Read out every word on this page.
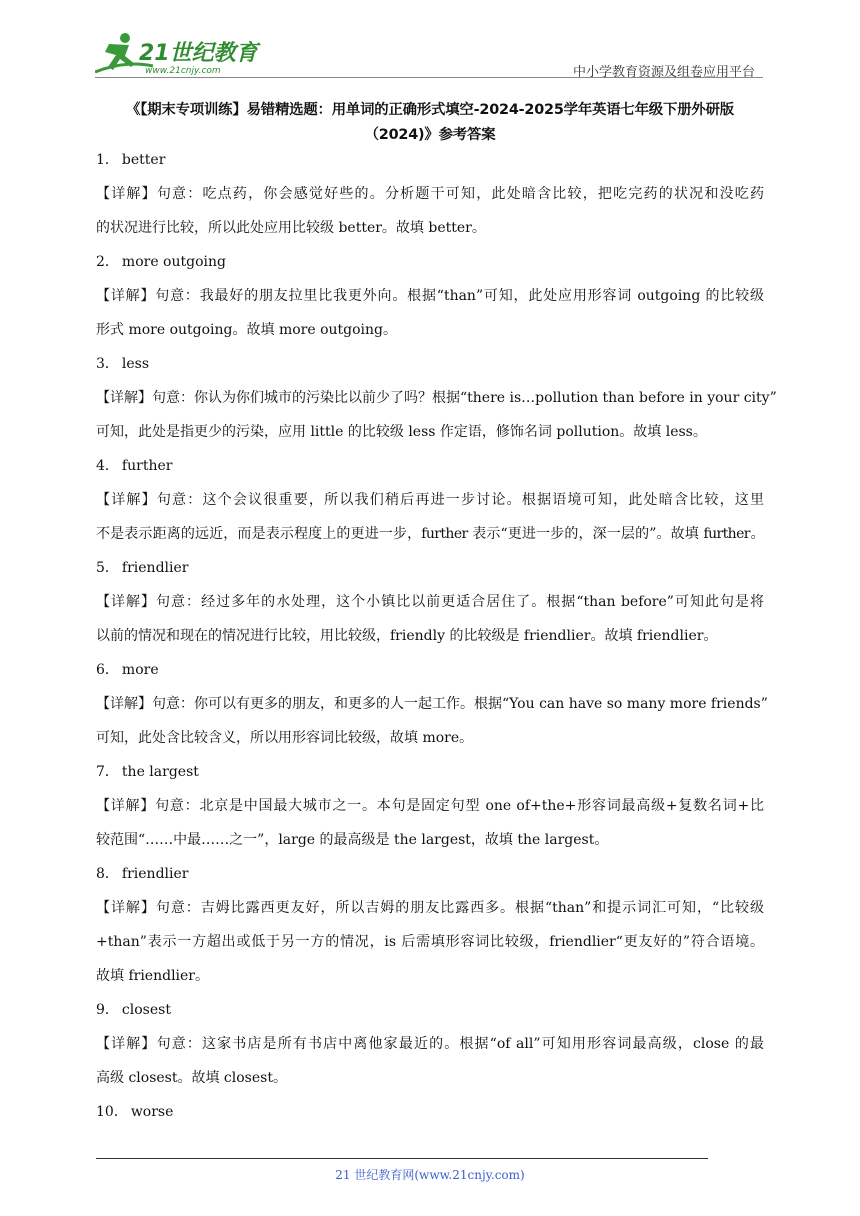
21世纪教育
www.21cnjy.com	中小学教育资源及组卷应用平台
《【期末专项训练】易错精选题：用单词的正确形式填空-2024-2025学年英语七年级下册外研版
（2024)》参考答案
1． better
【详解】句意：吃点药，你会感觉好些的。分析题干可知，此处暗含比较，把吃完药的状况和没吃药
的状况进行比较，所以此处应用比较级 better。故填 better。
2． more outgoing
【详解】句意：我最好的朋友拉里比我更外向。根据“than”可知，此处应用形容词 outgoing 的比较级
形式 more outgoing。故填 more outgoing。
3． less
【详解】句意：你认为你们城市的污染比以前少了吗？根据“there is…pollution than before in your city”
可知，此处是指更少的污染，应用 little 的比较级 less 作定语，修饰名词 pollution。故填 less。
4． further
【详解】句意：这个会议很重要，所以我们稍后再进一步讨论。根据语境可知，此处暗含比较，这里
不是表示距离的远近，而是表示程度上的更进一步，further 表示“更进一步的，深一层的”。故填 further。
5． friendlier
【详解】句意：经过多年的水处理，这个小镇比以前更适合居住了。根据“than before”可知此句是将
以前的情况和现在的情况进行比较，用比较级，friendly 的比较级是 friendlier。故填 friendlier。
6． more
【详解】句意：你可以有更多的朋友，和更多的人一起工作。根据“You can have so many more friends”
可知，此处含比较含义，所以用形容词比较级，故填 more。
7． the largest
【详解】句意：北京是中国最大城市之一。本句是固定句型 one of+the+形容词最高级+复数名词+比
较范围“……中最……之一”，large 的最高级是 the largest，故填 the largest。
8． friendlier
【详解】句意：吉姆比露西更友好，所以吉姆的朋友比露西多。根据“than”和提示词汇可知，“比较级
+than”表示一方超出或低于另一方的情况，is 后需填形容词比较级，friendlier“更友好的”符合语境。
故填 friendlier。
9． closest
【详解】句意：这家书店是所有书店中离他家最近的。根据“of all”可知用形容词最高级，close 的最
高级 closest。故填 closest。
10． worse
21 世纪教育网(www.21cnjy.com)
